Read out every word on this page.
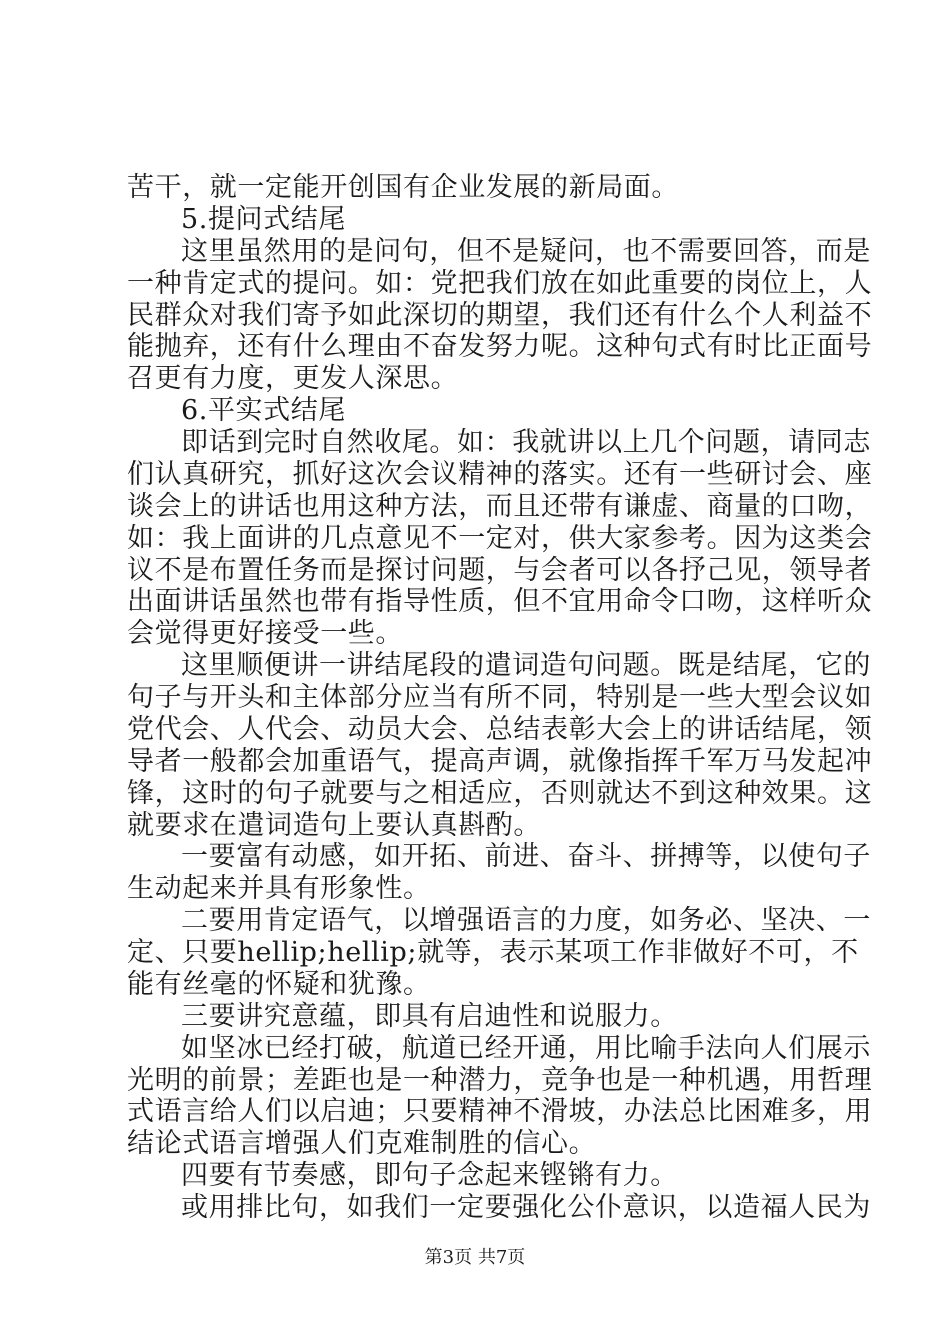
苦干，就一定能开创国有企业发展的新局面。
5.提问式结尾
这里虽然用的是问句，但不是疑问，也不需要回答，而是
一种肯定式的提问。如：党把我们放在如此重要的岗位上，人
民群众对我们寄予如此深切的期望，我们还有什么个人利益不
能抛弃，还有什么理由不奋发努力呢。这种句式有时比正面号
召更有力度，更发人深思。
6.平实式结尾
即话到完时自然收尾。如：我就讲以上几个问题，请同志
们认真研究，抓好这次会议精神的落实。还有一些研讨会、座
谈会上的讲话也用这种方法，而且还带有谦虚、商量的口吻，
如：我上面讲的几点意见不一定对，供大家参考。因为这类会
议不是布置任务而是探讨问题，与会者可以各抒己见，领导者
出面讲话虽然也带有指导性质，但不宜用命令口吻，这样听众
会觉得更好接受一些。
这里顺便讲一讲结尾段的遣词造句问题。既是结尾，它的
句子与开头和主体部分应当有所不同，特别是一些大型会议如
党代会、人代会、动员大会、总结表彰大会上的讲话结尾，领
导者一般都会加重语气，提高声调，就像指挥千军万马发起冲
锋，这时的句子就要与之相适应，否则就达不到这种效果。这
就要求在遣词造句上要认真斟酌。
一要富有动感，如开拓、前进、奋斗、拼搏等，以使句子
生动起来并具有形象性。
二要用肯定语气，以增强语言的力度，如务必、坚决、一
定、只要hellip;hellip;就等，表示某项工作非做好不可，不
能有丝毫的怀疑和犹豫。
三要讲究意蕴，即具有启迪性和说服力。
如坚冰已经打破，航道已经开通，用比喻手法向人们展示
光明的前景；差距也是一种潜力，竞争也是一种机遇，用哲理
式语言给人们以启迪；只要精神不滑坡，办法总比困难多，用
结论式语言增强人们克难制胜的信心。
第3页 共7页
四要有节奏感，即句子念起来铿锵有力。
或用排比句，如我们一定要强化公仆意识，以造福人民为
